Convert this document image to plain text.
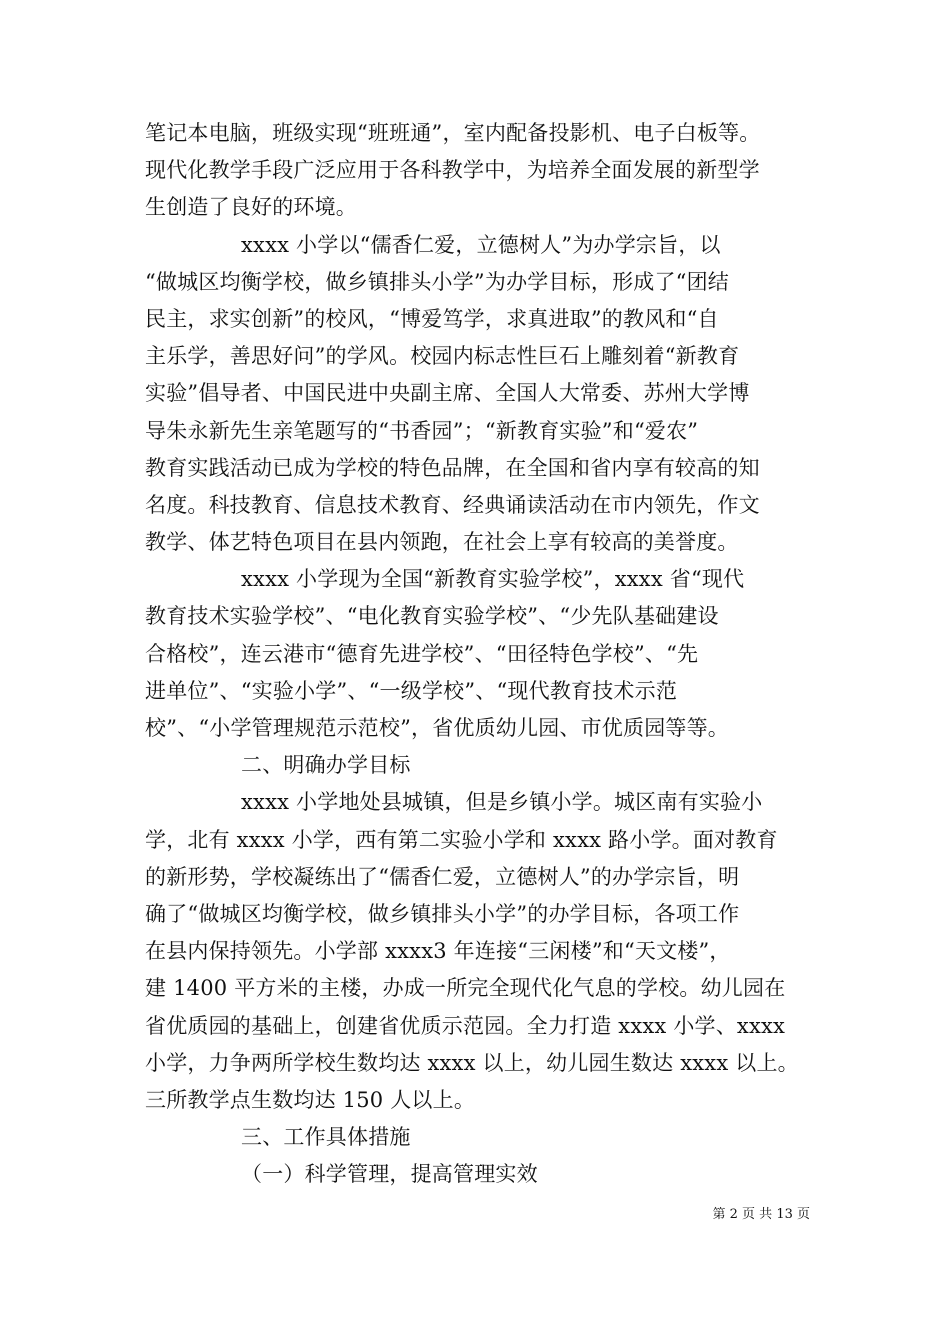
笔记本电脑，班级实现“班班通”，室内配备投影机、电子白板等。
现代化教学手段广泛应用于各科教学中，为培养全面发展的新型学
生创造了良好的环境。
xxxx 小学以“儒香仁爱，立德树人”为办学宗旨，以
“做城区均衡学校，做乡镇排头小学”为办学目标，形成了“团结
民主，求实创新”的校风，“博爱笃学，求真进取”的教风和“自
主乐学，善思好问”的学风。校园内标志性巨石上雕刻着“新教育
实验”倡导者、中国民进中央副主席、全国人大常委、苏州大学博
导朱永新先生亲笔题写的“书香园”；“新教育实验”和“爱农”
教育实践活动已成为学校的特色品牌，在全国和省内享有较高的知
名度。科技教育、信息技术教育、经典诵读活动在市内领先，作文
教学、体艺特色项目在县内领跑，在社会上享有较高的美誉度。
xxxx 小学现为全国“新教育实验学校”，xxxx 省“现代
教育技术实验学校”、“电化教育实验学校”、“少先队基础建设
合格校”，连云港市“德育先进学校”、“田径特色学校”、“先
进单位”、“实验小学”、“一级学校”、“现代教育技术示范
校”、“小学管理规范示范校”，省优质幼儿园、市优质园等等。
二、明确办学目标
xxxx 小学地处县城镇，但是乡镇小学。城区南有实验小
学，北有 xxxx 小学，西有第二实验小学和 xxxx 路小学。面对教育
的新形势，学校凝练出了“儒香仁爱，立德树人”的办学宗旨，明
确了“做城区均衡学校，做乡镇排头小学”的办学目标，各项工作
在县内保持领先。小学部 xxxx3 年连接“三闲楼”和“天文楼”，
建 1400 平方米的主楼，办成一所完全现代化气息的学校。幼儿园在
省优质园的基础上，创建省优质示范园。全力打造 xxxx 小学、xxxx
小学，力争两所学校生数均达 xxxx 以上，幼儿园生数达 xxxx 以上。
三所教学点生数均达 150 人以上。
三、工作具体措施
（一）科学管理，提高管理实效
第 2 页 共 13 页
